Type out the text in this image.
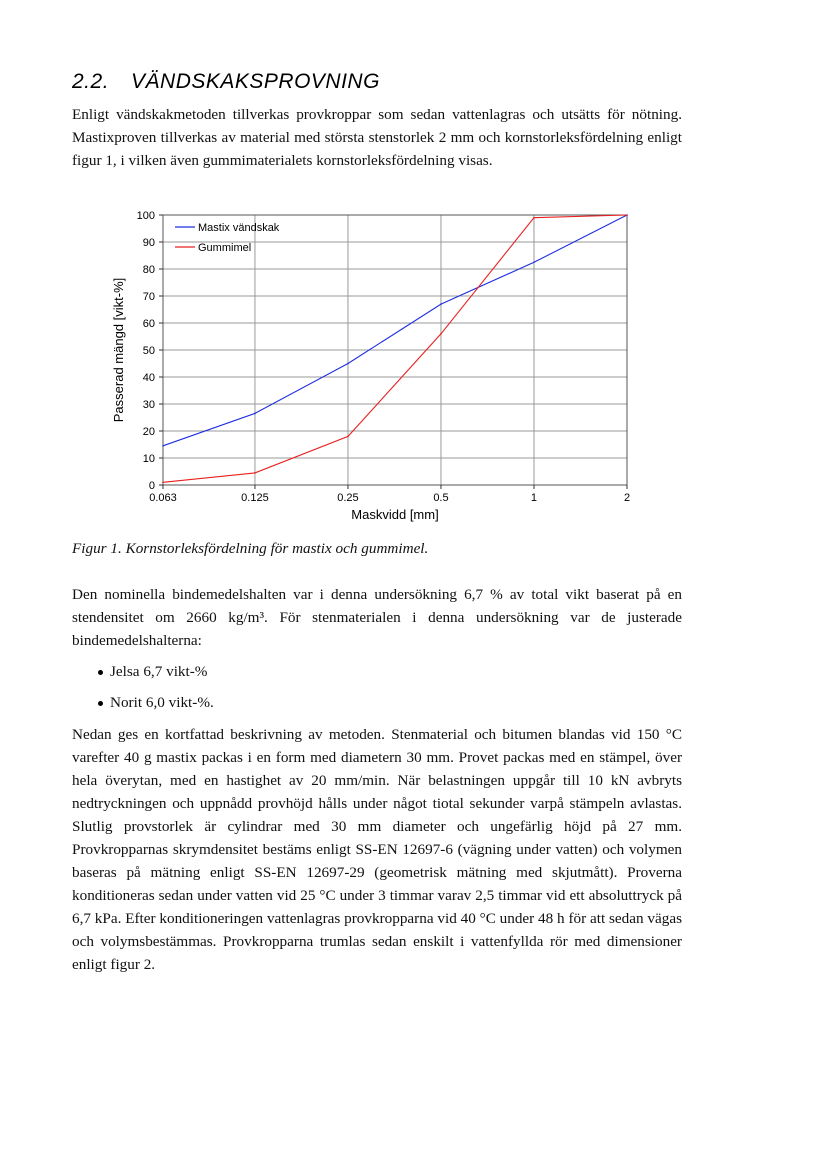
2.2. VÄNDSKAKSPROVNING

Enligt vändskakmetoden tillverkas provkroppar som sedan vattenlagras och utsätts för nötning. Mastixproven tillverkas av material med största stenstorlek 2 mm och kornstorleksfördelning enligt figur 1, i vilken även gummimaterialets kornstorleksfördelning visas.

0
10
20
30
40
50
60
70
80
90
100
0.063	0.125	0.25	0.5	1	2
Maskvidd [mm]
Passerad mängd [vikt-%]
Mastix vändskak
Gummimel

Figur 1. Kornstorleksfördelning för mastix och gummimel.

Den nominella bindemedelshalten var i denna undersökning 6,7 % av total vikt baserat på en stendensitet om 2660 kg/m³. För stenmaterialen i denna undersökning var de justerade bindemedelshalterna:

Jelsa 6,7 vikt-%
Norit 6,0 vikt-%.

Nedan ges en kortfattad beskrivning av metoden. Stenmaterial och bitumen blandas vid 150 °C varefter 40 g mastix packas i en form med diametern 30 mm. Provet packas med en stämpel, över hela överytan, med en hastighet av 20 mm/min. När belastningen uppgår till 10 kN avbryts nedtryckningen och uppnådd provhöjd hålls under något tiotal sekunder varpå stämpeln avlastas. Slutlig provstorlek är cylindrar med 30 mm diameter och ungefärlig höjd på 27 mm. Provkropparnas skrymdensitet bestäms enligt SS-EN 12697-6 (vägning under vatten) och volymen baseras på mätning enligt SS-EN 12697-29 (geometrisk mätning med skjutmått). Proverna konditioneras sedan under vatten vid 25 °C under 3 timmar varav 2,5 timmar vid ett absoluttryck på 6,7 kPa. Efter konditioneringen vattenlagras provkropparna vid 40 °C under 48 h för att sedan vägas och volymsbestämmas. Provkropparna trumlas sedan enskilt i vattenfyllda rör med dimensioner enligt figur 2.
